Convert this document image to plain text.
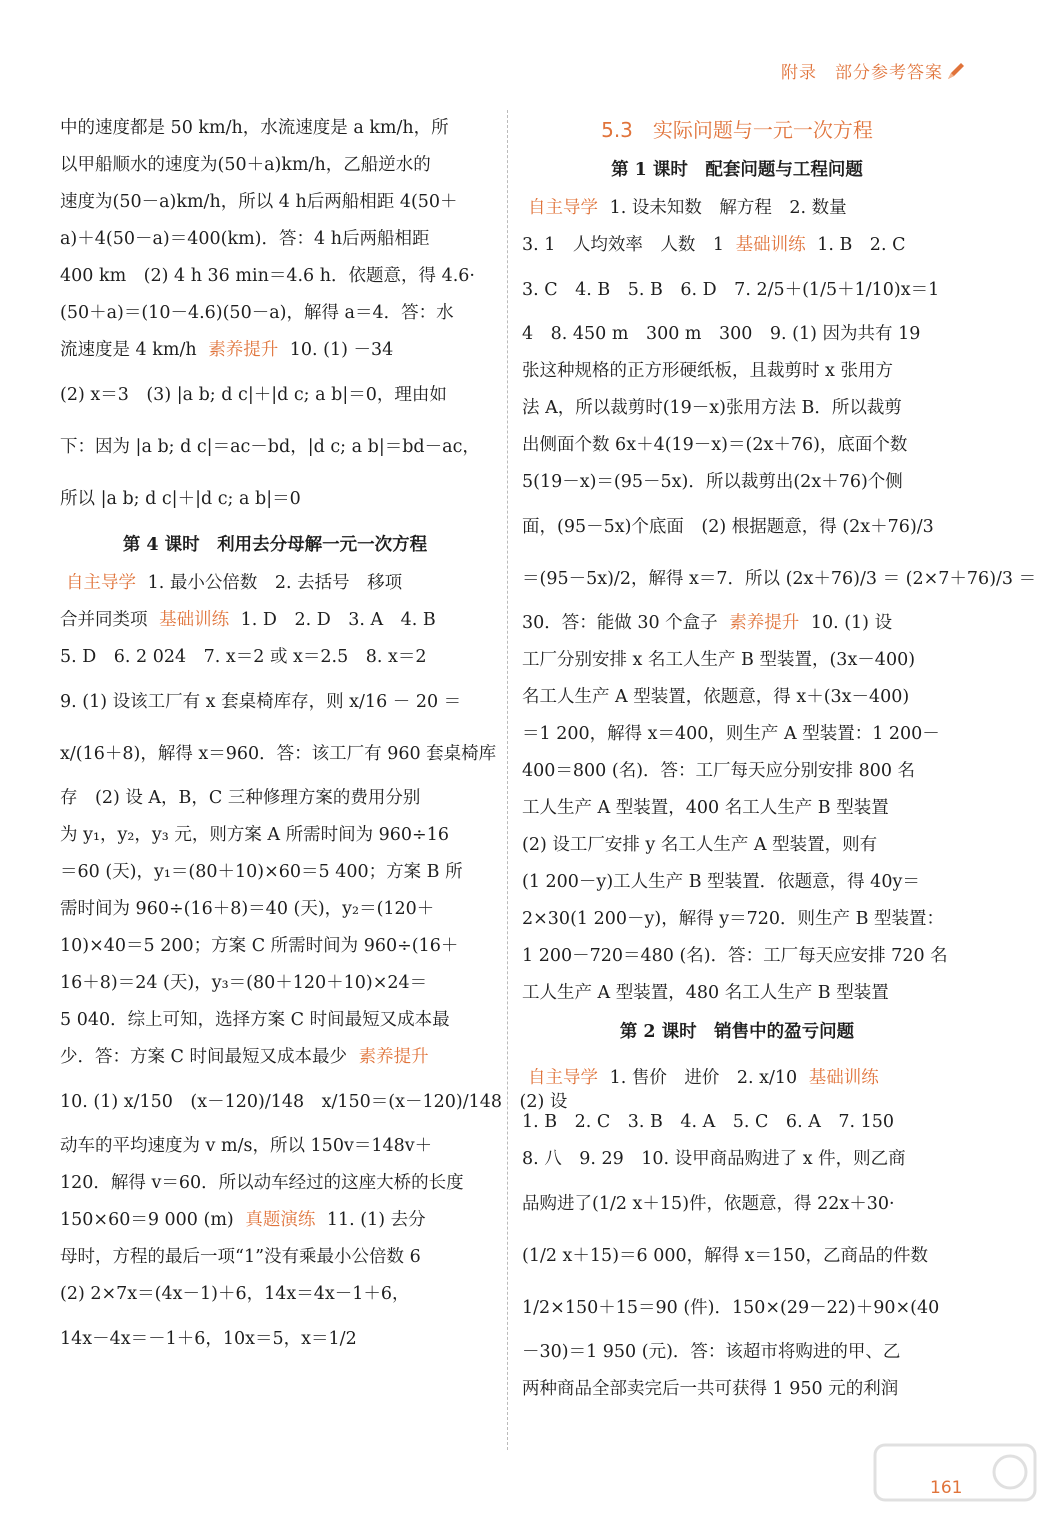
附录　部分参考答案
中的速度都是 50 km/h，水流速度是 a km/h，所
以甲船顺水的速度为(50＋a)km/h，乙船逆水的
速度为(50－a)km/h，所以 4 h后两船相距 4(50＋
a)＋4(50－a)＝400(km)．答：4 h后两船相距
400 km　(2) 4 h 36 min＝4.6 h．依题意，得 4.6·
(50＋a)＝(10－4.6)(50－a)，解得 a＝4．答：水
流速度是 4 km/h 素养提升 10. (1) －34
(2) x＝3　(3) |a b; d c|＋|d c; a b|＝0，理由如
下：因为 |a b; d c|＝ac－bd，|d c; a b|＝bd－ac，
所以 |a b; d c|＋|d c; a b|＝0
第 4 课时　利用去分母解一元一次方程
自主导学 1. 最小公倍数　2. 去括号　移项
合并同类项 基础训练 1. D　2. D　3. A　4. B
5. D　6. 2 024　7. x＝2 或 x＝2.5　8. x＝2
9. (1) 设该工厂有 x 套桌椅库存，则 x/16 － 20 ＝
x/(16＋8)，解得 x＝960．答：该工厂有 960 套桌椅库
存　(2) 设 A，B，C 三种修理方案的费用分别
为 y₁，y₂，y₃ 元，则方案 A 所需时间为 960÷16
＝60 (天)，y₁＝(80＋10)×60＝5 400；方案 B 所
需时间为 960÷(16＋8)＝40 (天)，y₂＝(120＋
10)×40＝5 200；方案 C 所需时间为 960÷(16＋
16＋8)＝24 (天)，y₃＝(80＋120＋10)×24＝
5 040．综上可知，选择方案 C 时间最短又成本最
少．答：方案 C 时间最短又成本最少 素养提升
10. (1) x/150　(x－120)/148　x/150＝(x－120)/148　(2) 设
动车的平均速度为 v m/s，所以 150v＝148v＋
120．解得 v＝60．所以动车经过的这座大桥的长度
150×60＝9 000 (m) 真题演练 11. (1) 去分
母时，方程的最后一项“1”没有乘最小公倍数 6
(2) 2×7x＝(4x－1)＋6，14x＝4x－1＋6，
14x－4x＝－1＋6，10x＝5，x＝1/2
5.3　实际问题与一元一次方程
第 1 课时　配套问题与工程问题
自主导学 1. 设未知数　解方程　2. 数量
3. 1　人均效率　人数　1 基础训练 1. B　2. C
3. C　4. B　5. B　6. D　7. 2/5＋(1/5＋1/10)x＝1
4　8. 450 m　300 m　300　9. (1) 因为共有 19
张这种规格的正方形硬纸板，且裁剪时 x 张用方
法 A，所以裁剪时(19－x)张用方法 B．所以裁剪
出侧面个数 6x＋4(19－x)＝(2x＋76)，底面个数
5(19－x)＝(95－5x)．所以裁剪出(2x＋76)个侧
面，(95－5x)个底面　(2) 根据题意，得 (2x＋76)/3
＝(95－5x)/2，解得 x＝7．所以 (2x＋76)/3 ＝ (2×7＋76)/3 ＝
30．答：能做 30 个盒子 素养提升 10. (1) 设
工厂分别安排 x 名工人生产 B 型装置，(3x－400)
名工人生产 A 型装置，依题意，得 x＋(3x－400)
＝1 200，解得 x＝400，则生产 A 型装置：1 200－
400＝800 (名)．答：工厂每天应分别安排 800 名
工人生产 A 型装置，400 名工人生产 B 型装置
(2) 设工厂安排 y 名工人生产 A 型装置，则有
(1 200－y)工人生产 B 型装置．依题意，得 40y＝
2×30(1 200－y)，解得 y＝720．则生产 B 型装置：
1 200－720＝480 (名)．答：工厂每天应安排 720 名
工人生产 A 型装置，480 名工人生产 B 型装置
第 2 课时　销售中的盈亏问题
自主导学 1. 售价　进价　2. x/10 基础训练
1. B　2. C　3. B　4. A　5. C　6. A　7. 150
8. 八　9. 29　10. 设甲商品购进了 x 件，则乙商
品购进了(1/2 x＋15)件，依题意，得 22x＋30·
(1/2 x＋15)＝6 000，解得 x＝150，乙商品的件数
1/2×150＋15＝90 (件)．150×(29－22)＋90×(40
－30)＝1 950 (元)．答：该超市将购进的甲、乙
两种商品全部卖完后一共可获得 1 950 元的利润
161
